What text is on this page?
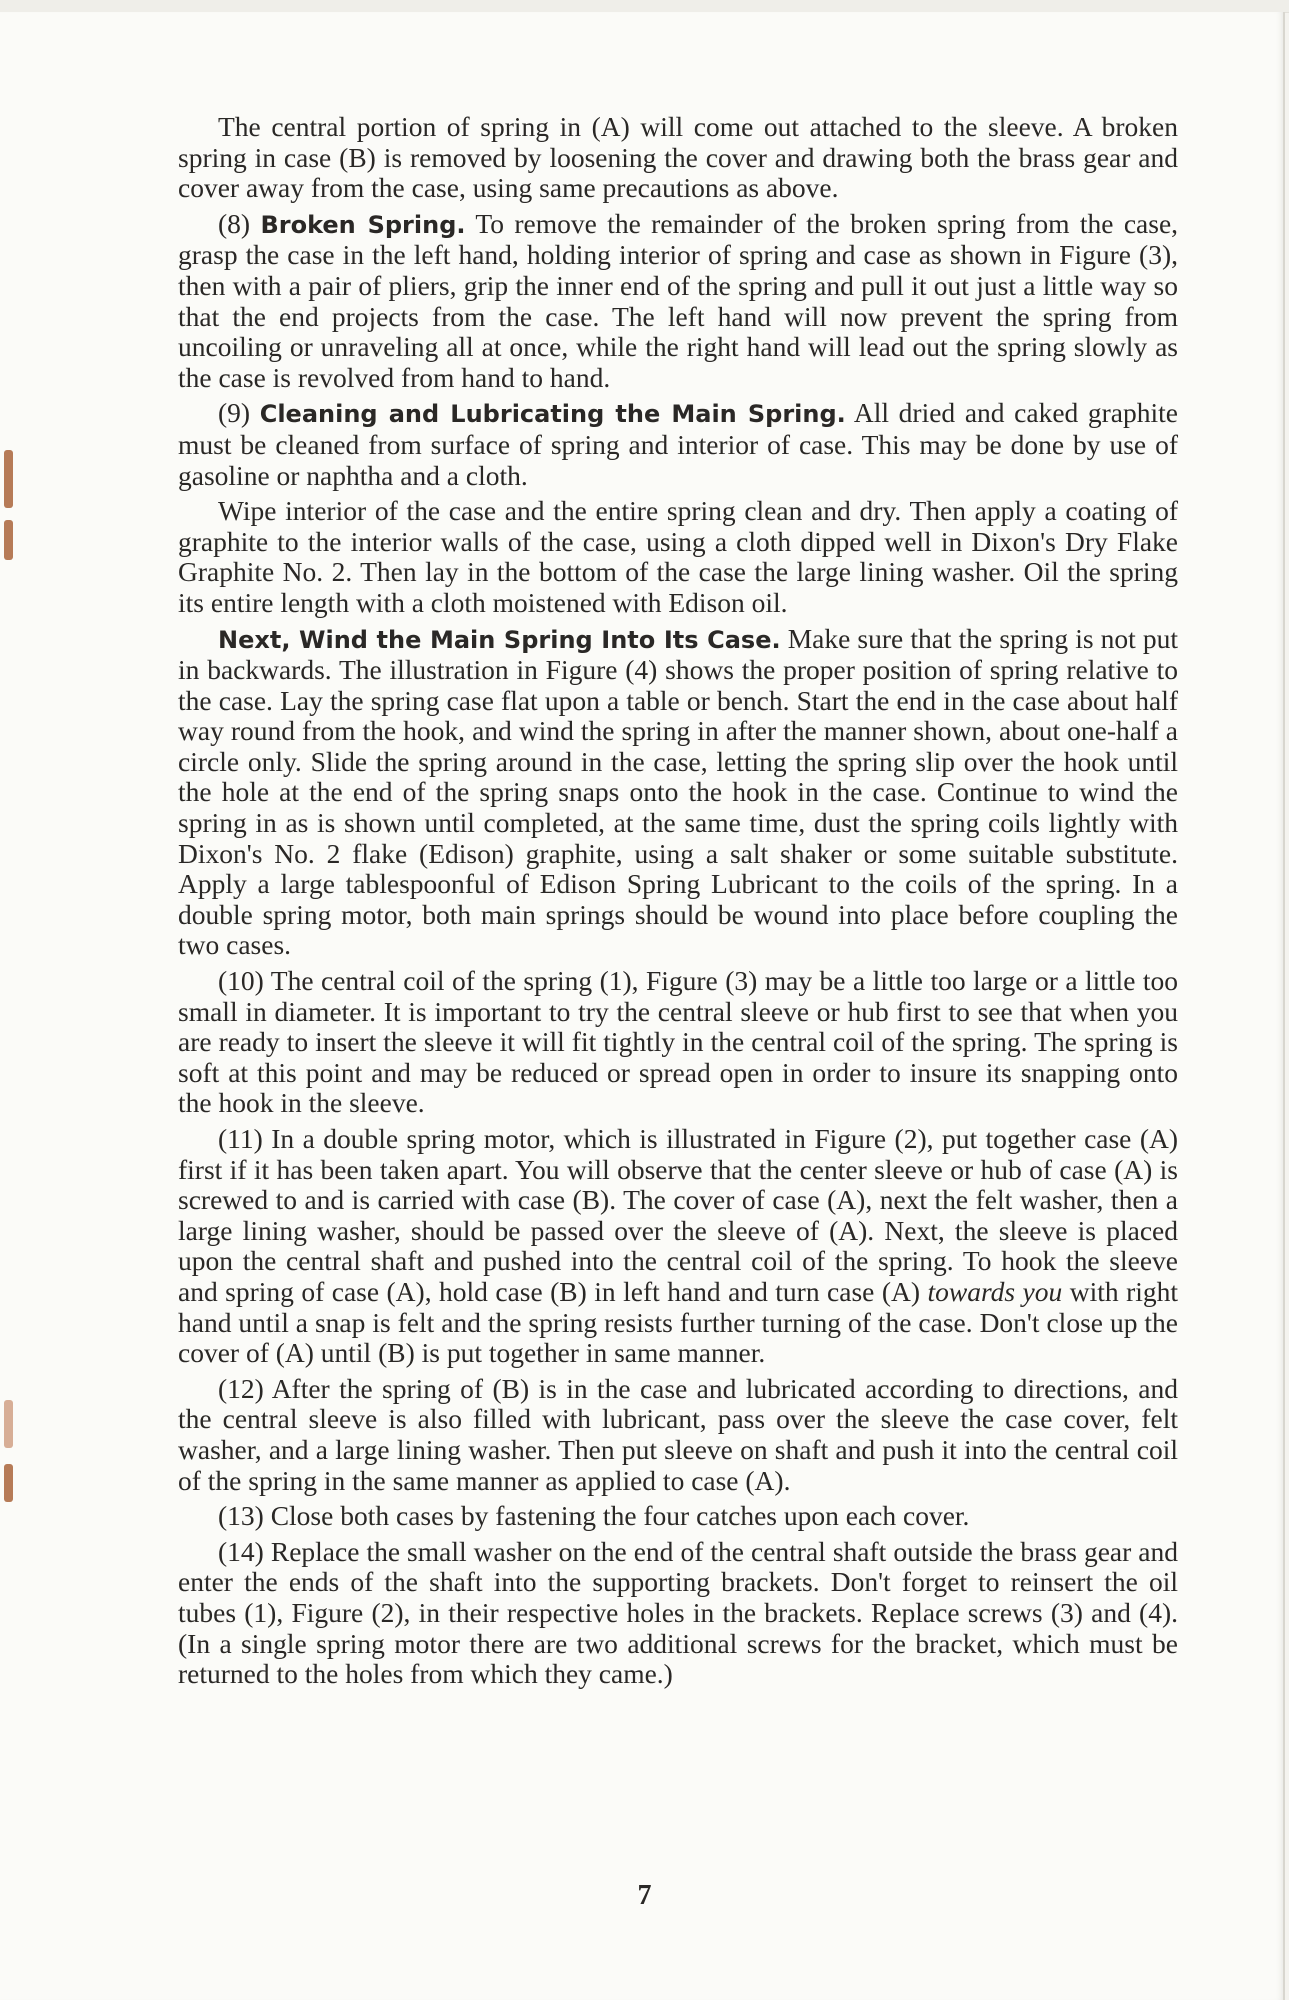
The central portion of spring in (A) will come out attached to the sleeve. A broken spring in case (B) is removed by loosening the cover and drawing both the brass gear and cover away from the case, using same precautions as above.

(8) Broken Spring. To remove the remainder of the broken spring from the case, grasp the case in the left hand, holding interior of spring and case as shown in Figure (3), then with a pair of pliers, grip the inner end of the spring and pull it out just a little way so that the end projects from the case. The left hand will now prevent the spring from uncoiling or unraveling all at once, while the right hand will lead out the spring slowly as the case is revolved from hand to hand.

(9) Cleaning and Lubricating the Main Spring. All dried and caked graphite must be cleaned from surface of spring and interior of case. This may be done by use of gasoline or naphtha and a cloth.

Wipe interior of the case and the entire spring clean and dry. Then apply a coating of graphite to the interior walls of the case, using a cloth dipped well in Dixon's Dry Flake Graphite No. 2. Then lay in the bottom of the case the large lining washer. Oil the spring its entire length with a cloth moistened with Edison oil.

Next, Wind the Main Spring Into Its Case. Make sure that the spring is not put in backwards. The illustration in Figure (4) shows the proper position of spring relative to the case. Lay the spring case flat upon a table or bench. Start the end in the case about half way round from the hook, and wind the spring in after the manner shown, about one-half a circle only. Slide the spring around in the case, letting the spring slip over the hook until the hole at the end of the spring snaps onto the hook in the case. Continue to wind the spring in as is shown until completed, at the same time, dust the spring coils lightly with Dixon's No. 2 flake (Edison) graphite, using a salt shaker or some suitable substitute. Apply a large tablespoonful of Edison Spring Lubricant to the coils of the spring. In a double spring motor, both main springs should be wound into place before coupling the two cases.

(10) The central coil of the spring (1), Figure (3) may be a little too large or a little too small in diameter. It is important to try the central sleeve or hub first to see that when you are ready to insert the sleeve it will fit tightly in the central coil of the spring. The spring is soft at this point and may be reduced or spread open in order to insure its snapping onto the hook in the sleeve.

(11) In a double spring motor, which is illustrated in Figure (2), put together case (A) first if it has been taken apart. You will observe that the center sleeve or hub of case (A) is screwed to and is carried with case (B). The cover of case (A), next the felt washer, then a large lining washer, should be passed over the sleeve of (A). Next, the sleeve is placed upon the central shaft and pushed into the central coil of the spring. To hook the sleeve and spring of case (A), hold case (B) in left hand and turn case (A) towards you with right hand until a snap is felt and the spring resists further turning of the case. Don't close up the cover of (A) until (B) is put together in same manner.

(12) After the spring of (B) is in the case and lubricated according to directions, and the central sleeve is also filled with lubricant, pass over the sleeve the case cover, felt washer, and a large lining washer. Then put sleeve on shaft and push it into the central coil of the spring in the same manner as applied to case (A).

(13) Close both cases by fastening the four catches upon each cover.

(14) Replace the small washer on the end of the central shaft outside the brass gear and enter the ends of the shaft into the supporting brackets. Don't forget to reinsert the oil tubes (1), Figure (2), in their respective holes in the brackets. Replace screws (3) and (4). (In a single spring motor there are two additional screws for the bracket, which must be returned to the holes from which they came.)

7
